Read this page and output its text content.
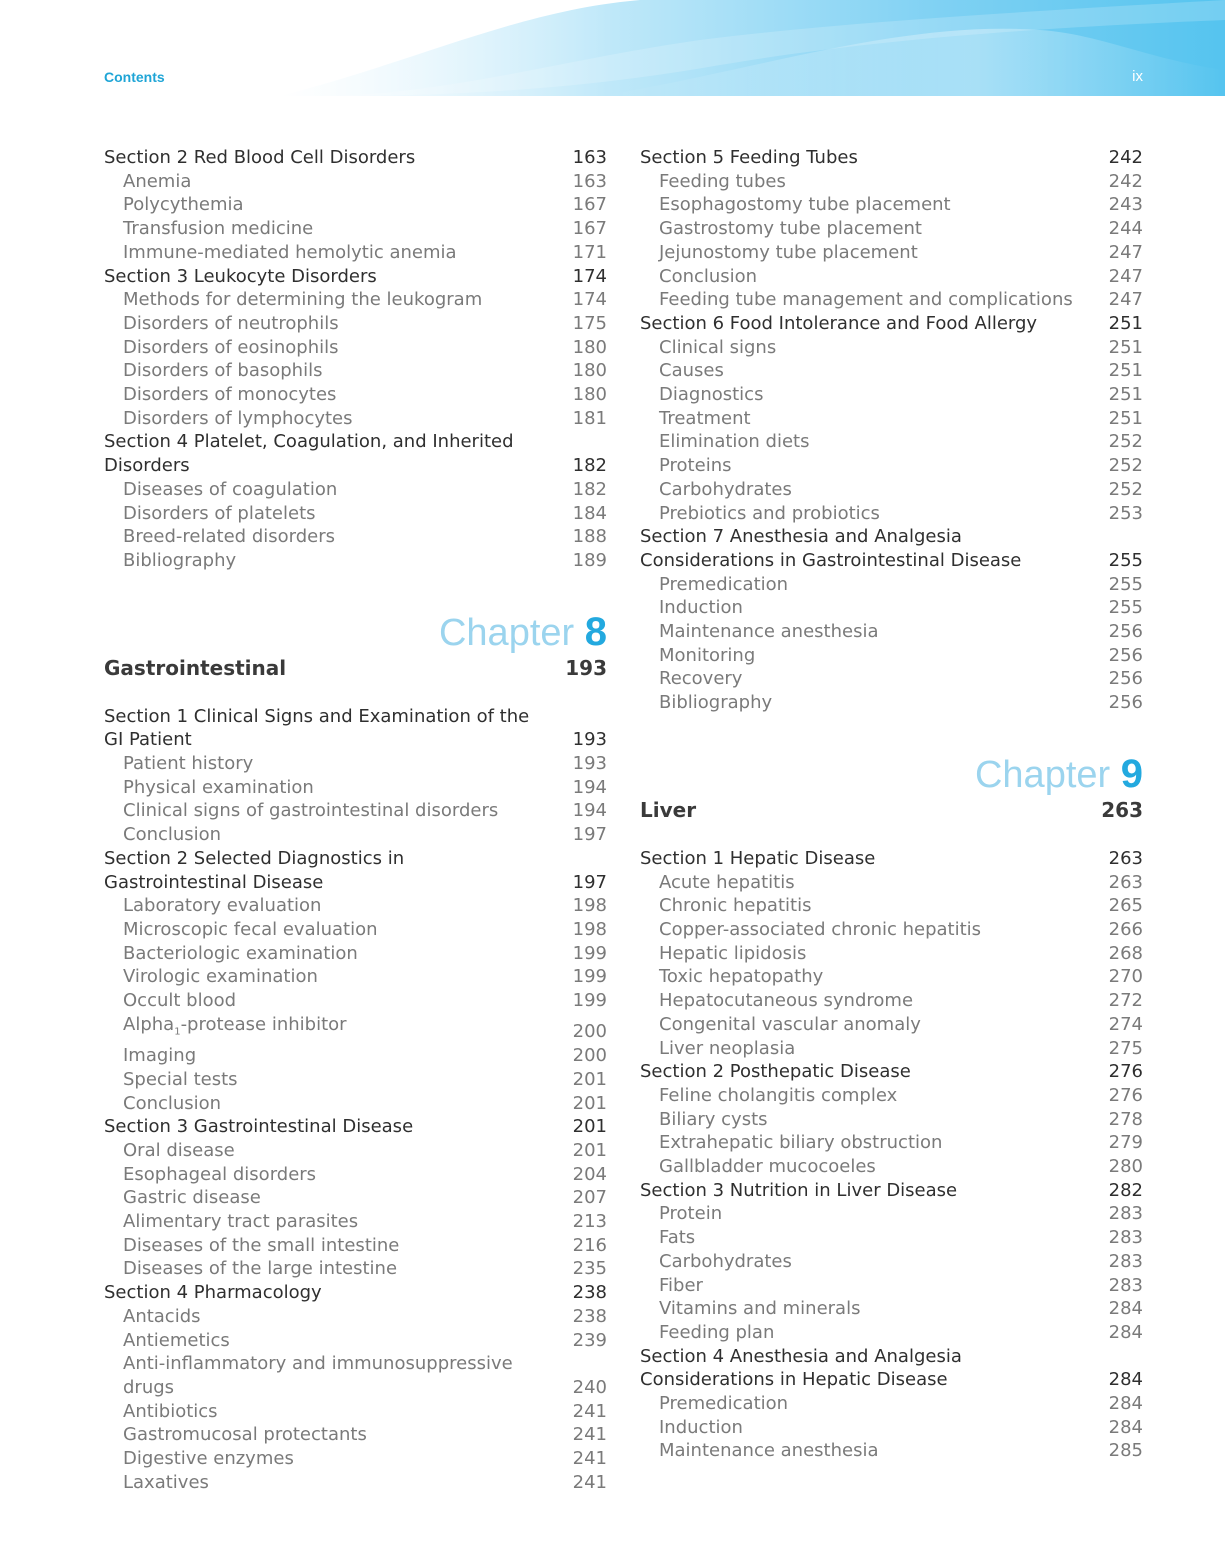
Contents	ix
Section 2 Red Blood Cell Disorders	163
Anemia	163
Polycythemia	167
Transfusion medicine	167
Immune-mediated hemolytic anemia	171
Section 3 Leukocyte Disorders	174
Methods for determining the leukogram	174
Disorders of neutrophils	175
Disorders of eosinophils	180
Disorders of basophils	180
Disorders of monocytes	180
Disorders of lymphocytes	181
Section 4 Platelet, Coagulation, and Inherited Disorders	182
Diseases of coagulation	182
Disorders of platelets	184
Breed-related disorders	188
Bibliography	189
Chapter 8
Gastrointestinal	193
Section 1 Clinical Signs and Examination of the GI Patient	193
Patient history	193
Physical examination	194
Clinical signs of gastrointestinal disorders	194
Conclusion	197
Section 2 Selected Diagnostics in Gastrointestinal Disease	197
Laboratory evaluation	198
Microscopic fecal evaluation	198
Bacteriologic examination	199
Virologic examination	199
Occult blood	199
Alpha$_1$-protease inhibitor	200
Imaging	200
Special tests	201
Conclusion	201
Section 3 Gastrointestinal Disease	201
Oral disease	201
Esophageal disorders	204
Gastric disease	207
Alimentary tract parasites	213
Diseases of the small intestine	216
Diseases of the large intestine	235
Section 4 Pharmacology	238
Antacids	238
Antiemetics	239
Anti-inflammatory and immunosuppressive drugs	240
Antibiotics	241
Gastromucosal protectants	241
Digestive enzymes	241
Laxatives	241
Section 5 Feeding Tubes	242
Feeding tubes	242
Esophagostomy tube placement	243
Gastrostomy tube placement	244
Jejunostomy tube placement	247
Conclusion	247
Feeding tube management and complications	247
Section 6 Food Intolerance and Food Allergy	251
Clinical signs	251
Causes	251
Diagnostics	251
Treatment	251
Elimination diets	252
Proteins	252
Carbohydrates	252
Prebiotics and probiotics	253
Section 7 Anesthesia and Analgesia Considerations in Gastrointestinal Disease	255
Premedication	255
Induction	255
Maintenance anesthesia	256
Monitoring	256
Recovery	256
Bibliography	256
Chapter 9
Liver	263
Section 1 Hepatic Disease	263
Acute hepatitis	263
Chronic hepatitis	265
Copper-associated chronic hepatitis	266
Hepatic lipidosis	268
Toxic hepatopathy	270
Hepatocutaneous syndrome	272
Congenital vascular anomaly	274
Liver neoplasia	275
Section 2 Posthepatic Disease	276
Feline cholangitis complex	276
Biliary cysts	278
Extrahepatic biliary obstruction	279
Gallbladder mucocoeles	280
Section 3 Nutrition in Liver Disease	282
Protein	283
Fats	283
Carbohydrates	283
Fiber	283
Vitamins and minerals	284
Feeding plan	284
Section 4 Anesthesia and Analgesia Considerations in Hepatic Disease	284
Premedication	284
Induction	284
Maintenance anesthesia	285
